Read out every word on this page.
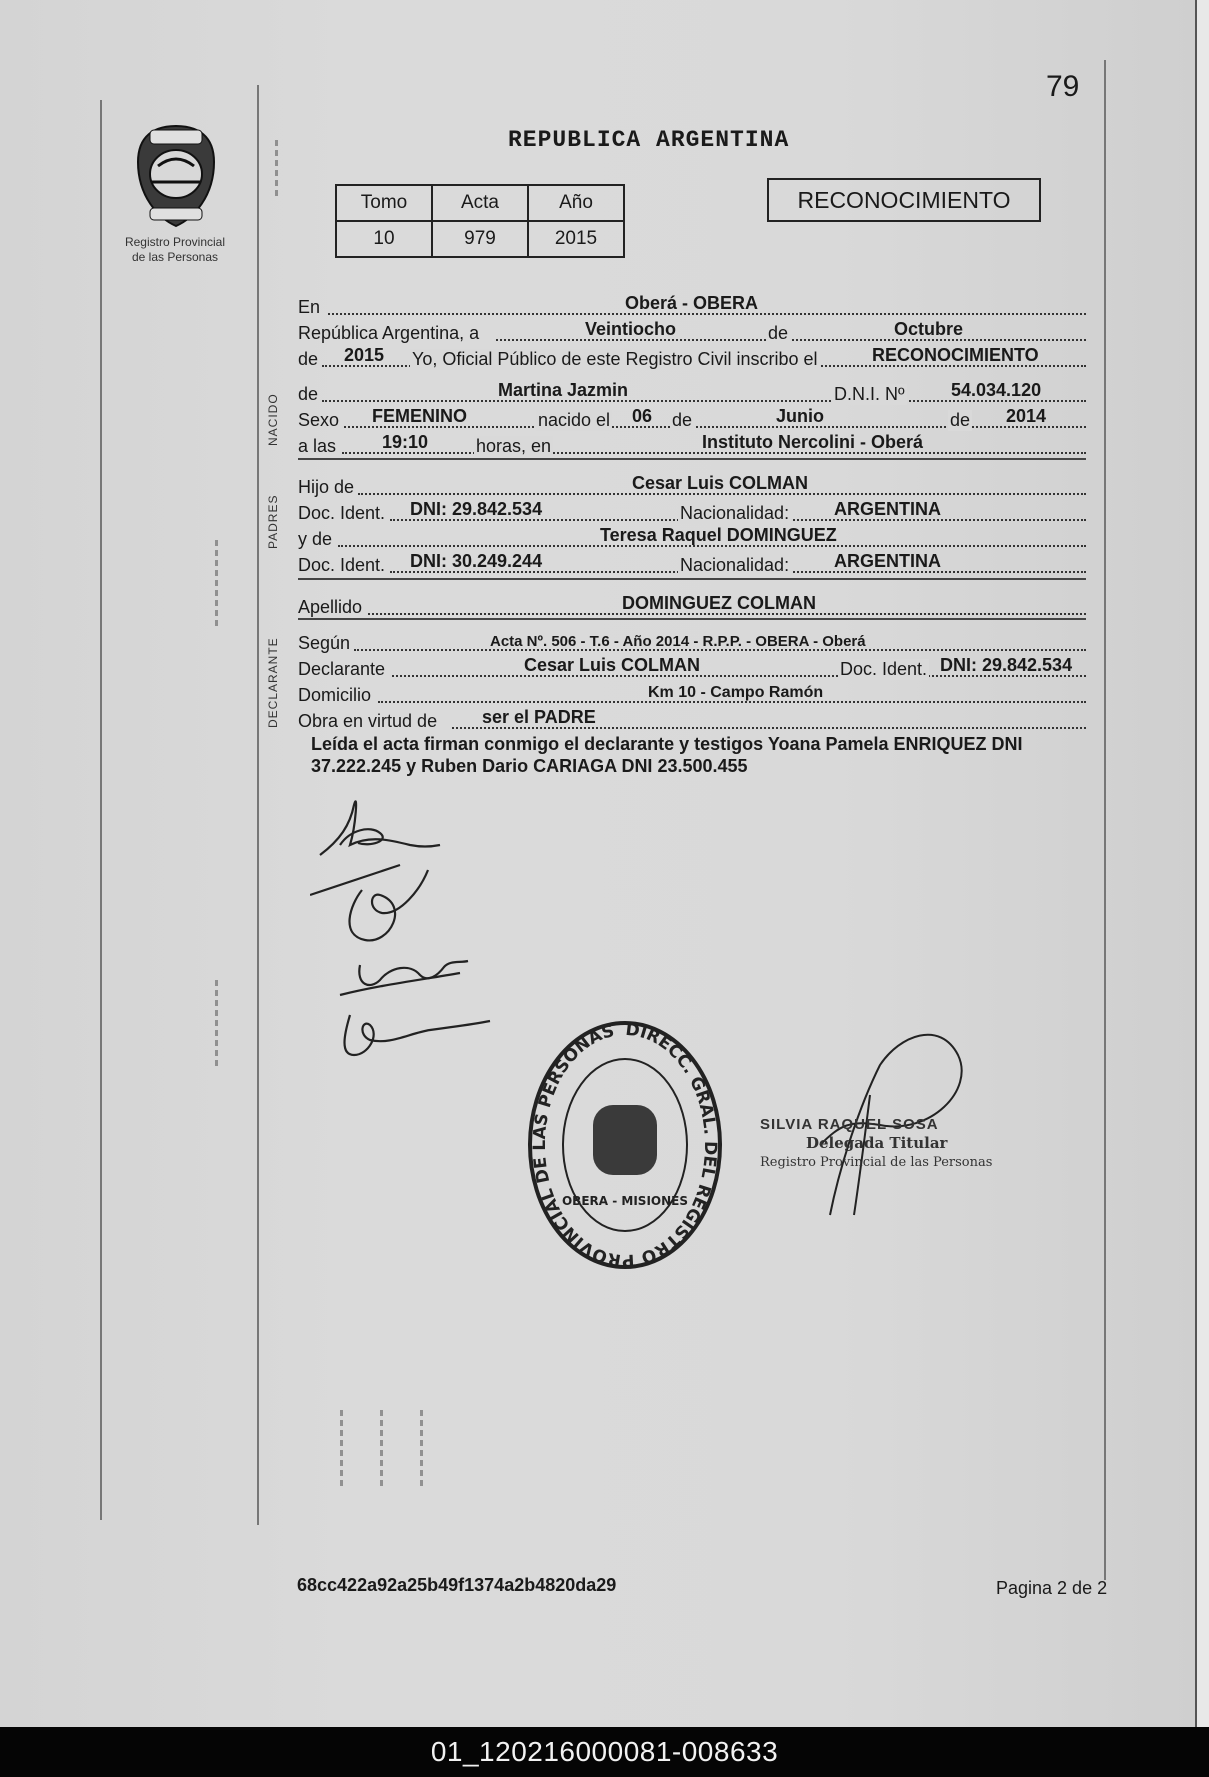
79
Registro Provincial
de las Personas
REPUBLICA ARGENTINA
Tomo	Acta	Año
10	979	2015
RECONOCIMIENTO
NACIDO
PADRES
DECLARANTE
En	Oberá - OBERA
República Argentina, a	Veintiocho	de	Octubre
de 2015 Yo, Oficial Público de este Registro Civil inscribo el	RECONOCIMIENTO
de	Martina Jazmin	D.N.I. Nº	54.034.120
Sexo FEMENINO	nacido el 06 de	Junio	de 2014
a las	19:10	horas, en	Instituto Nercolini - Oberá
Hijo de	Cesar Luis COLMAN
Doc. Ident. DNI: 29.842.534	Nacionalidad: ARGENTINA
y de	Teresa Raquel DOMINGUEZ
Doc. Ident. DNI: 30.249.244	Nacionalidad: ARGENTINA
Apellido	DOMINGUEZ COLMAN
Según	Acta Nº. 506 - T.6 - Año 2014 - R.P.P. - OBERA - Oberá
Declarante	Cesar Luis COLMAN	Doc. Ident. DNI: 29.842.534
Domicilio	Km 10 - Campo Ramón
Obra en virtud de ser el PADRE
Leída el acta firman conmigo el declarante y testigos Yoana Pamela ENRIQUEZ DNI 37.222.245 y Ruben Dario CARIAGA DNI 23.500.455
DIRECC. GRAL. DEL REGISTRO PROVINCIAL DE LAS PERSONAS
OBERA - MISIONES
SILVIA RAQUEL SOSA
Delegada Titular
Registro Provincial de las Personas
68cc422a92a25b49f1374a2b4820da29	Pagina 2 de 2
01_120216000081-008633
